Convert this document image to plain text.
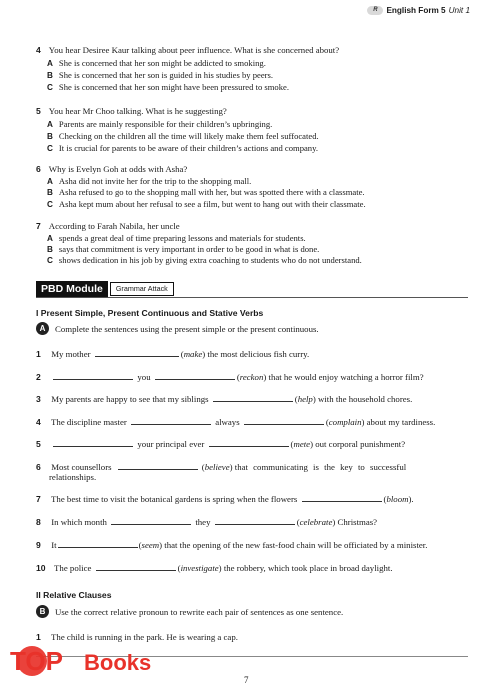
R	English Form 5 Unit 1
4 You hear Desiree Kaur talking about peer influence. What is she concerned about?
A She is concerned that her son might be addicted to smoking.
B She is concerned that her son is guided in his studies by peers.
C She is concerned that her son might have been pressured to smoke.
5 You hear Mr Choo talking. What is he suggesting?
A Parents are mainly responsible for their children’s upbringing.
B Checking on the children all the time will likely make them feel suffocated.
C It is crucial for parents to be aware of their children’s actions and company.
6 Why is Evelyn Goh at odds with Asha?
A Asha did not invite her for the trip to the shopping mall.
B Asha refused to go to the shopping mall with her, but was spotted there with a classmate.
C Asha kept mum about her refusal to see a film, but went to hang out with their classmate.
7 According to Farah Nabila, her uncle
A spends a great deal of time preparing lessons and materials for students.
B says that commitment is very important in order to be good in what is done.
C shows dedication in his job by giving extra coaching to students who do not understand.
PBD Module	Grammar Attack
I Present Simple, Present Continuous and Stative Verbs
A	Complete the sentences using the present simple or the present continuous.
1 My mother	(make) the most delicious fish curry.
2	you	(reckon) that he would enjoy watching a horror film?
3 My parents are happy to see that my siblings	(help) with the household chores.
4 The discipline master	always	(complain) about my tardiness.
5	your principal ever	(mete) out corporal punishment?
6 Most counsellors	(believe) that communicating is the key to successful
relationships.
7 The best time to visit the botanical gardens is spring when the flowers	(bloom).
8 In which month	they	(celebrate) Christmas?
9 It	(seem) that the opening of the new fast-food chain will be officiated by a minister.
10 The police	(investigate) the robbery, which took place in broad daylight.
II Relative Clauses
B	Use the correct relative pronoun to rewrite each pair of sentences as one sentence.
1 The child is running in the park. He is wearing a cap.
7
TOP Books
